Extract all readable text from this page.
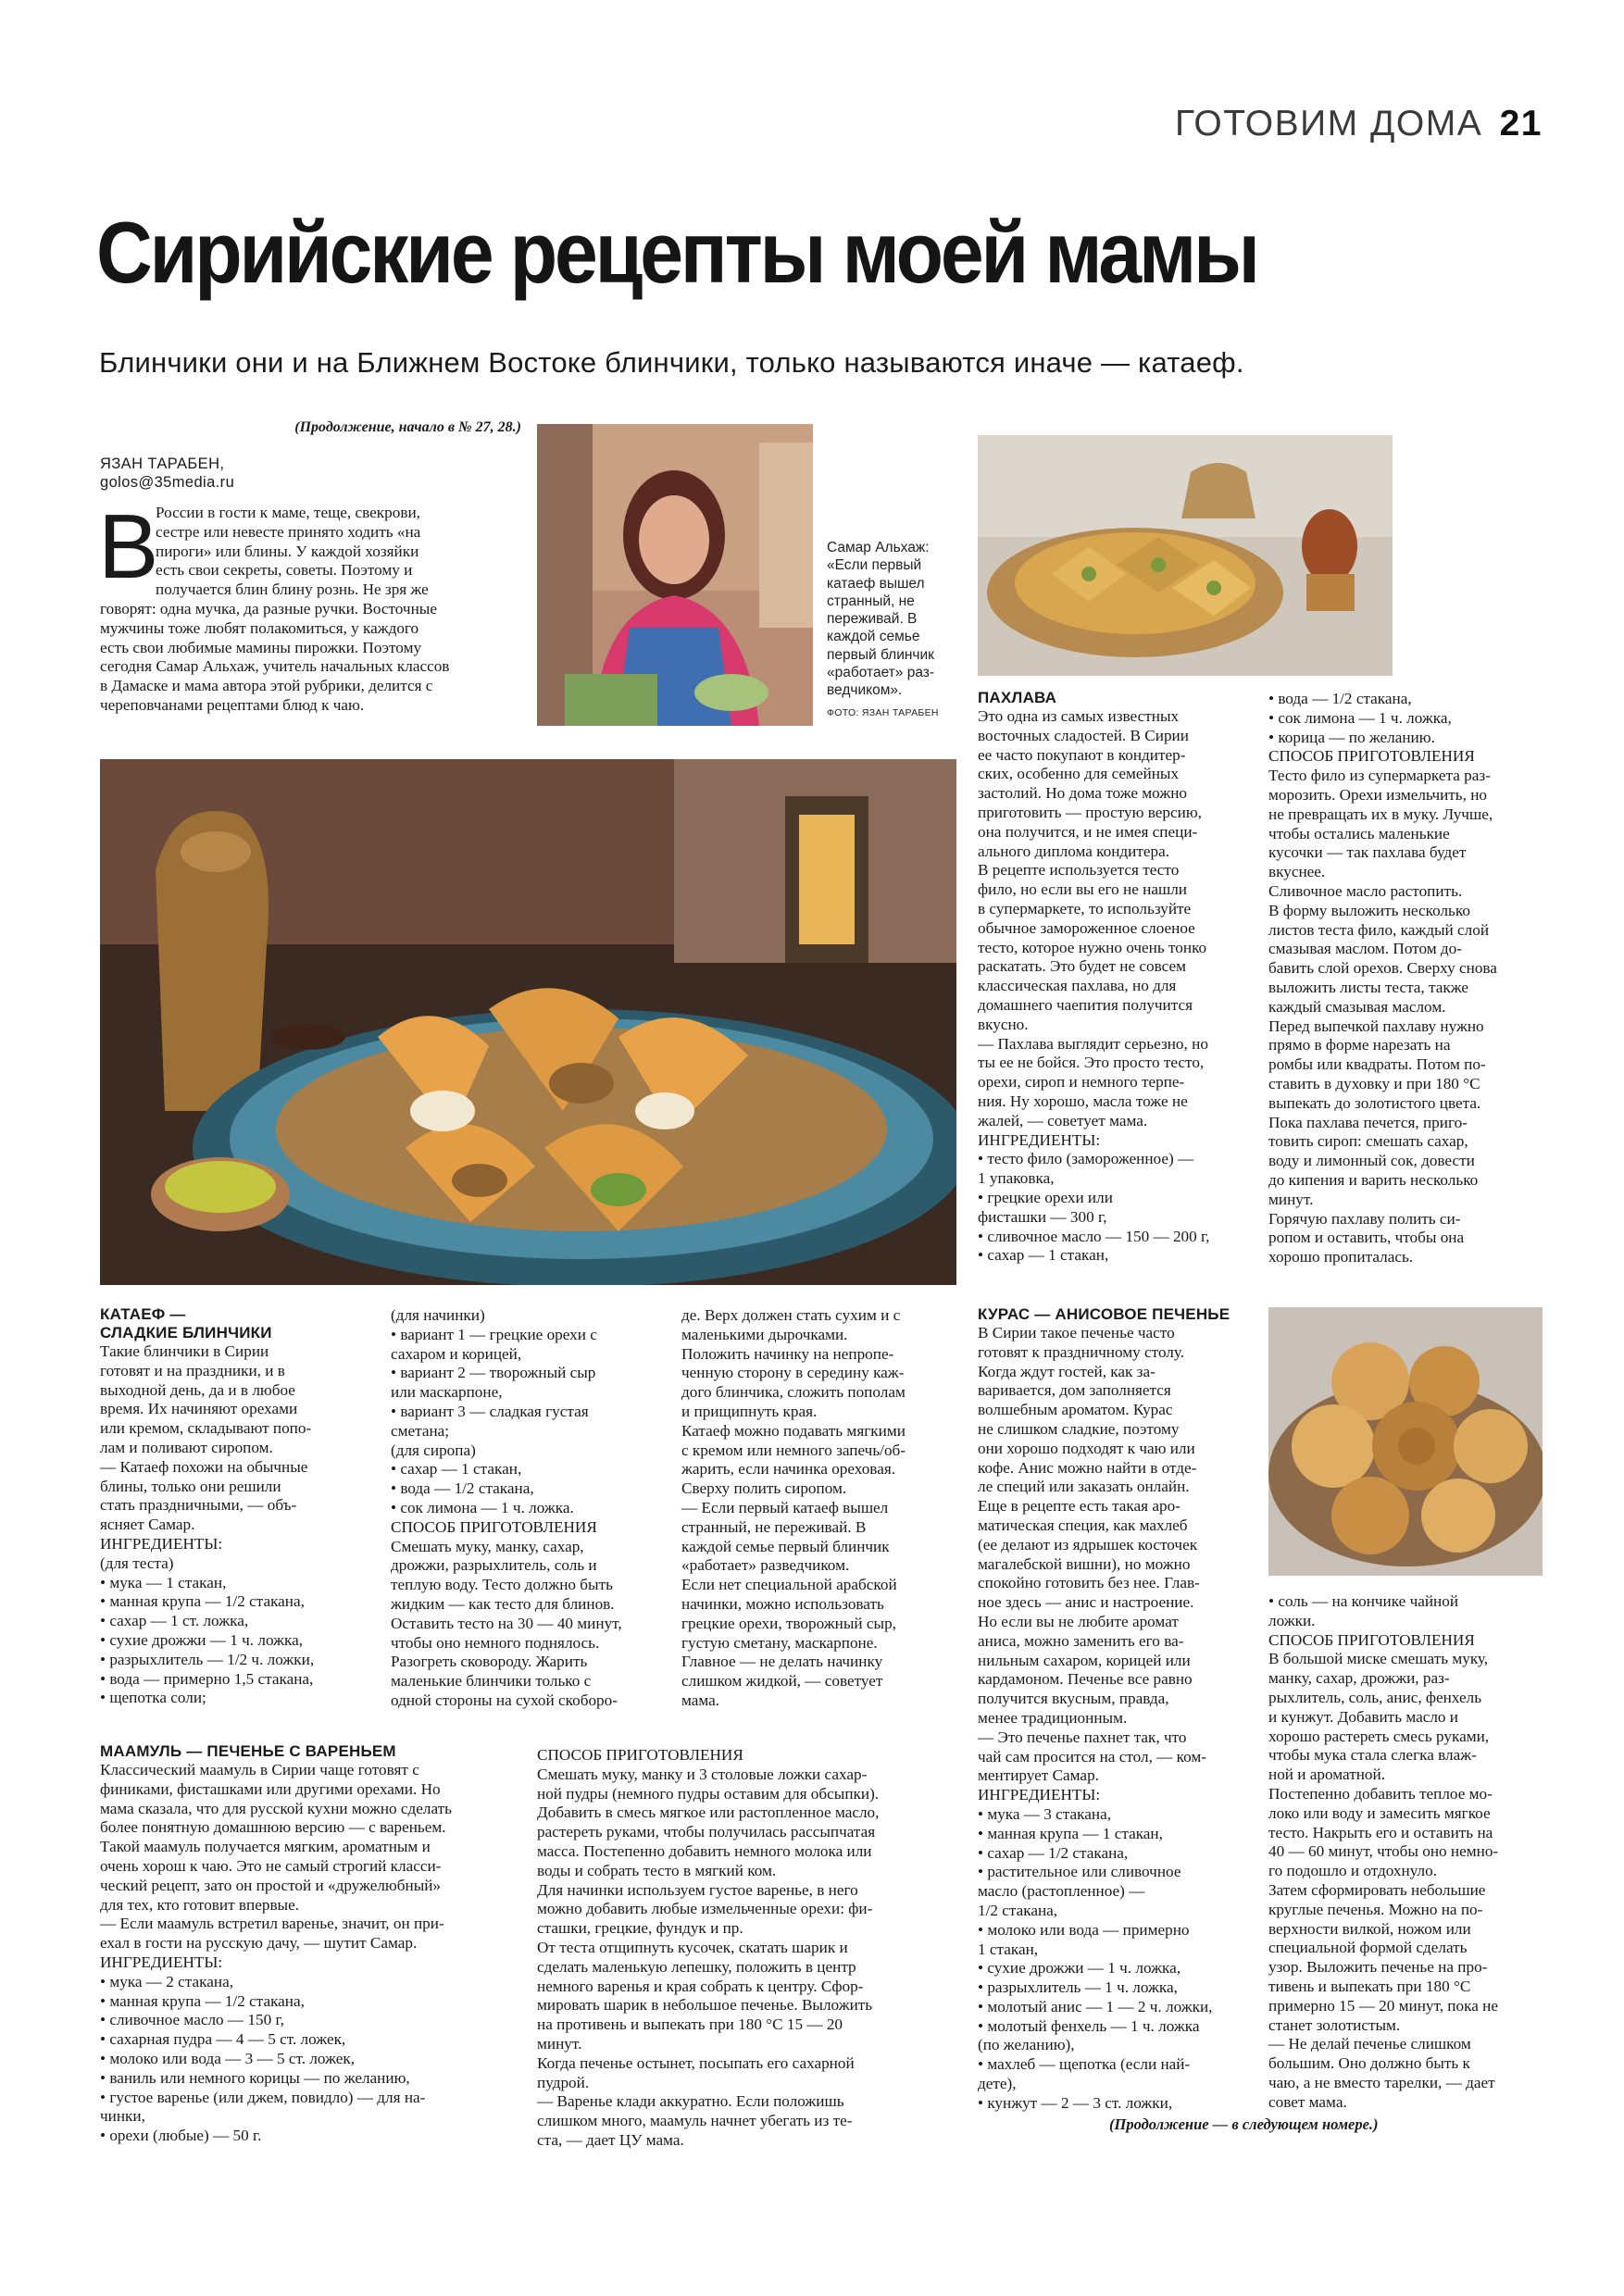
ГОТОВИМ ДОМА 21
Сирийские рецепты моей мамы
Блинчики они и на Ближнем Востоке блинчики, только называются иначе — катаеф.
(Продолжение, начало в № 27, 28.)
ЯЗАН ТАРАБЕН,
golos@35media.ru
В

России в гости к маме, теще, свекрови,

сестре или невесте принято ходить «на

пироги» или блины. У каждой хозяйки

есть свои секреты, советы. Поэтому и

получается блин блину рознь. Не зря же

говорят: одна мучка, да разные ручки. Восточные

мужчины тоже любят полакомиться, у каждого

есть свои любимые мамины пирожки. Поэтому

сегодня Самар Альхаж, учитель начальных классов

в Дамаске и мама автора этой рубрики, делится с

череповчанами рецептами блюд к чаю.

Самар Альхаж:
«Если первый
катаеф вышел
странный, не
переживай. В
каждой семье
первый блинчик
«работает» раз-
ведчиком».
ФОТО: ЯЗАН ТАРАБЕН
ПАХЛАВА

Это одна из самых известных

восточных сладостей. В Сирии

ее часто покупают в кондитер-

ских, особенно для семейных

застолий. Но дома тоже можно

приготовить — простую версию,

она получится, и не имея специ-

ального диплома кондитера.

В рецепте используется тесто

фило, но если вы его не нашли

в супермаркете, то используйте

обычное замороженное слоеное

тесто, которое нужно очень тонко

раскатать. Это будет не совсем

классическая пахлава, но для

домашнего чаепития получится

вкусно.

— Пахлава выглядит серьезно, но

ты ее не бойся. Это просто тесто,

орехи, сироп и немного терпе-

ния. Ну хорошо, масла тоже не

жалей, — советует мама.

ИНГРЕДИЕНТЫ:

• тесто фило (замороженное) —

1 упаковка,

• грецкие орехи или

фисташки — 300 г,

• сливочное масло — 150 — 200 г,

• сахар — 1 стакан,

• вода — 1/2 стакана,

• сок лимона — 1 ч. ложка,

• корица — по желанию.

СПОСОБ ПРИГОТОВЛЕНИЯ

Тесто фило из супермаркета раз-

морозить. Орехи измельчить, но

не превращать их в муку. Лучше,

чтобы остались маленькие

кусочки — так пахлава будет

вкуснее.

Сливочное масло растопить.

В форму выложить несколько

листов теста фило, каждый слой

смазывая маслом. Потом до-

бавить слой орехов. Сверху снова

выложить листы теста, также

каждый смазывая маслом.

Перед выпечкой пахлаву нужно

прямо в форме нарезать на

ромбы или квадраты. Потом по-

ставить в духовку и при 180 °С

выпекать до золотистого цвета.

Пока пахлава печется, приго-

товить сироп: смешать сахар,

воду и лимонный сок, довести

до кипения и варить несколько

минут.

Горячую пахлаву полить си-

ропом и оставить, чтобы она

хорошо пропиталась.

КАТАЕФ —
СЛАДКИЕ БЛИНЧИКИ

Такие блинчики в Сирии

готовят и на праздники, и в

выходной день, да и в любое

время. Их начиняют орехами

или кремом, складывают попо-

лам и поливают сиропом.

— Катаеф похожи на обычные

блины, только они решили

стать праздничными, — объ-

ясняет Самар.

ИНГРЕДИЕНТЫ:

(для теста)

• мука — 1 стакан,

• манная крупа — 1/2 стакана,

• сахар — 1 ст. ложка,

• сухие дрожжи — 1 ч. ложка,

• разрыхлитель — 1/2 ч. ложки,

• вода — примерно 1,5 стакана,

• щепотка соли;

(для начинки)

• вариант 1 — грецкие орехи с

сахаром и корицей,

• вариант 2 — творожный сыр

или маскарпоне,

• вариант 3 — сладкая густая

сметана;

(для сиропа)

• сахар — 1 стакан,

• вода — 1/2 стакана,

• сок лимона — 1 ч. ложка.

СПОСОБ ПРИГОТОВЛЕНИЯ

Смешать муку, манку, сахар,

дрожжи, разрыхлитель, соль и

теплую воду. Тесто должно быть

жидким — как тесто для блинов.

Оставить тесто на 30 — 40 минут,

чтобы оно немного поднялось.

Разогреть сковороду. Жарить

маленькие блинчики только с

одной стороны на сухой скоборо-

де. Верх должен стать сухим и с

маленькими дырочками.

Положить начинку на непропе-

ченную сторону в середину каж-

дого блинчика, сложить пополам

и прищипнуть края.

Катаеф можно подавать мягкими

с кремом или немного запечь/об-

жарить, если начинка ореховая.

Сверху полить сиропом.

— Если первый катаеф вышел

странный, не переживай. В

каждой семье первый блинчик

«работает» разведчиком.

Если нет специальной арабской

начинки, можно использовать

грецкие орехи, творожный сыр,

густую сметану, маскарпоне.

Главное — не делать начинку

слишком жидкой, — советует

мама.

КУРАС — АНИСОВОЕ ПЕЧЕНЬЕ

В Сирии такое печенье часто

готовят к праздничному столу.

Когда ждут гостей, как за-

варивается, дом заполняется

волшебным ароматом. Курас

не слишком сладкие, поэтому

они хорошо подходят к чаю или

кофе. Анис можно найти в отде-

ле специй или заказать онлайн.

Еще в рецепте есть такая аро-

матическая специя, как махлеб

(ее делают из ядрышек косточек

магалебской вишни), но можно

спокойно готовить без нее. Глав-

ное здесь — анис и настроение.

Но если вы не любите аромат

аниса, можно заменить его ва-

нильным сахаром, корицей или

кардамоном. Печенье все равно

получится вкусным, правда,

менее традиционным.

— Это печенье пахнет так, что

чай сам просится на стол, — ком-

ментирует Самар.

ИНГРЕДИЕНТЫ:

• мука — 3 стакана,

• манная крупа — 1 стакан,

• сахар — 1/2 стакана,

• растительное или сливочное

масло (растопленное) —

1/2 стакана,

• молоко или вода — примерно

1 стакан,

• сухие дрожжи — 1 ч. ложка,

• разрыхлитель — 1 ч. ложка,

• молотый анис — 1 — 2 ч. ложки,

• молотый фенхель — 1 ч. ложка

(по желанию),

• махлеб — щепотка (если най-

дете),

• кунжут — 2 — 3 ст. ложки,

• соль — на кончике чайной

ложки.

СПОСОБ ПРИГОТОВЛЕНИЯ

В большой миске смешать муку,

манку, сахар, дрожжи, раз-

рыхлитель, соль, анис, фенхель

и кунжут. Добавить масло и

хорошо растереть смесь руками,

чтобы мука стала слегка влаж-

ной и ароматной.

Постепенно добавить теплое мо-

локо или воду и замесить мягкое

тесто. Накрыть его и оставить на

40 — 60 минут, чтобы оно немно-

го подошло и отдохнуло.

Затем сформировать небольшие

круглые печенья. Можно на по-

верхности вилкой, ножом или

специальной формой сделать

узор. Выложить печенье на про-

тивень и выпекать при 180 °С

примерно 15 — 20 минут, пока не

станет золотистым.

— Не делай печенье слишком

большим. Оно должно быть к

чаю, а не вместо тарелки, — дает

совет мама.

(Продолжение — в следующем номере.)
МААМУЛЬ — ПЕЧЕНЬЕ С ВАРЕНЬЕМ

Классический маамуль в Сирии чаще готовят с

финиками, фисташками или другими орехами. Но

мама сказала, что для русской кухни можно сделать

более понятную домашнюю версию — с вареньем.

Такой маамуль получается мягким, ароматным и

очень хорош к чаю. Это не самый строгий класси-

ческий рецепт, зато он простой и «дружелюбный»

для тех, кто готовит впервые.

— Если маамуль встретил варенье, значит, он при-

ехал в гости на русскую дачу, — шутит Самар.

ИНГРЕДИЕНТЫ:

• мука — 2 стакана,

• манная крупа — 1/2 стакана,

• сливочное масло — 150 г,

• сахарная пудра — 4 — 5 ст. ложек,

• молоко или вода — 3 — 5 ст. ложек,

• ваниль или немного корицы — по желанию,

• густое варенье (или джем, повидло) — для на-

чинки,

• орехи (любые) — 50 г.

СПОСОБ ПРИГОТОВЛЕНИЯ

Смешать муку, манку и 3 столовые ложки сахар-

ной пудры (немного пудры оставим для обсыпки).

Добавить в смесь мягкое или растопленное масло,

растереть руками, чтобы получилась рассыпчатая

масса. Постепенно добавить немного молока или

воды и собрать тесто в мягкий ком.

Для начинки используем густое варенье, в него

можно добавить любые измельченные орехи: фи-

сташки, грецкие, фундук и пр.

От теста отщипнуть кусочек, скатать шарик и

сделать маленькую лепешку, положить в центр

немного варенья и края собрать к центру. Сфор-

мировать шарик в небольшое печенье. Выложить

на противень и выпекать при 180 °С 15 — 20

минут.

Когда печенье остынет, посыпать его сахарной

пудрой.

— Варенье клади аккуратно. Если положишь

слишком много, маамуль начнет убегать из те-

ста, — дает ЦУ мама.
